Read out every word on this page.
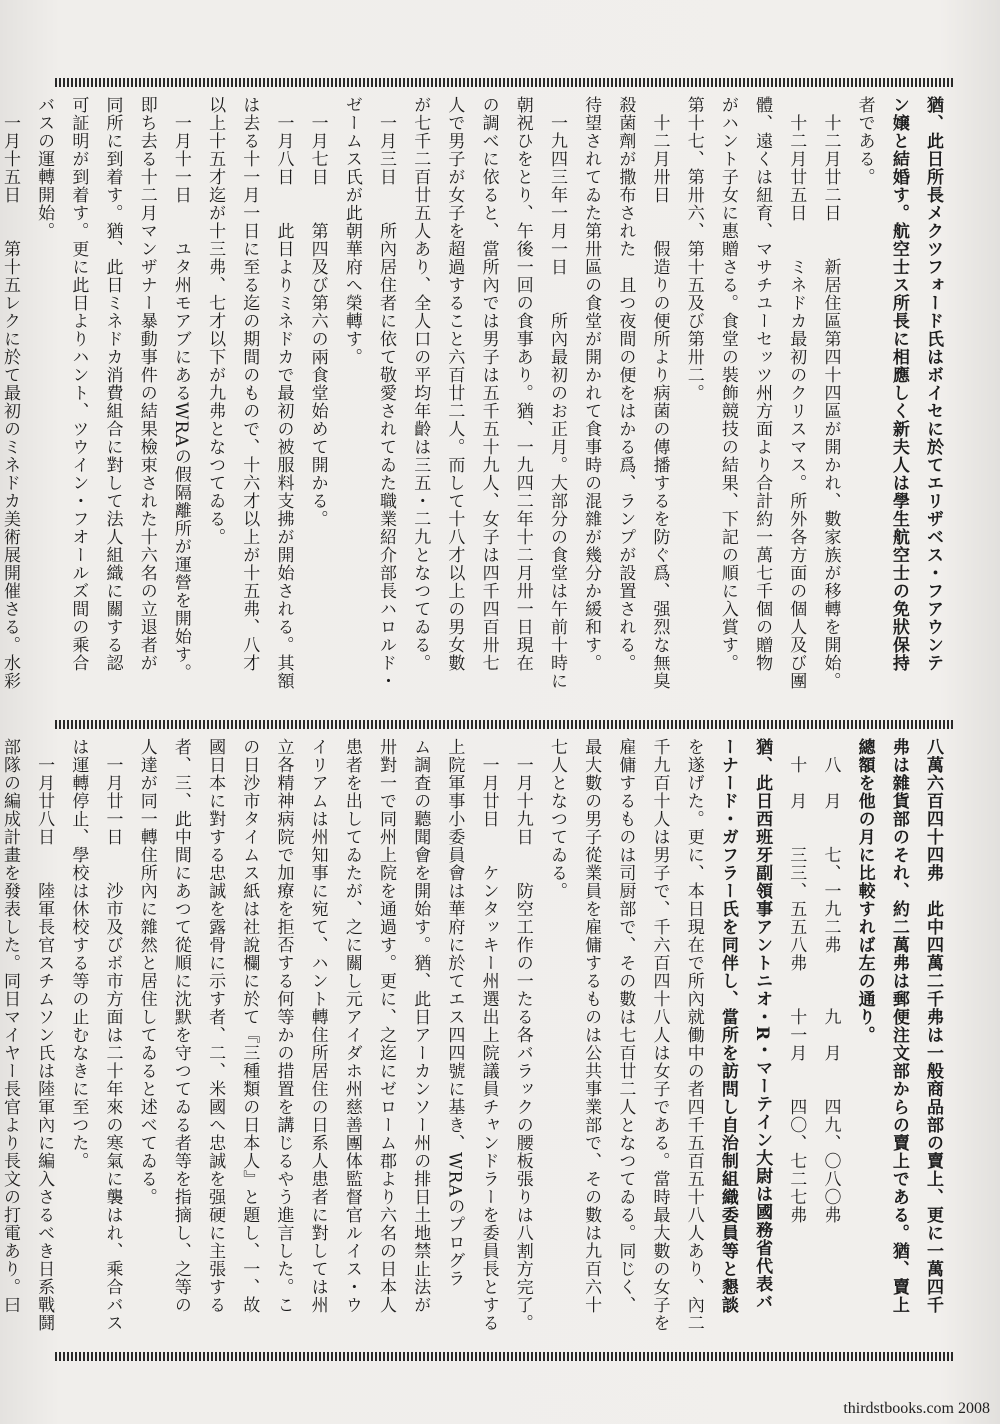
猶、此日所長メクツフォード氏はボイセに於てエリザベス・フアウンテ
ン嬢と結婚す。航空士ス所長に相應しく新夫人は學生航空士の免狀保持
者である。
　十二月廿二日　　新居住區第四十四區が開かれ、數家族が移轉を開始。
　十二月廿五日　　ミネドカ最初のクリスマス。所外各方面の個人及び團
體、遠くは紐育、マサチユーセッツ州方面より合計約一萬七千個の贈物
がハント子女に惠贈さる。食堂の裝飾競技の結果、下記の順に入賞す。
第十七、第卅六、第十五及び第卅二。
　十二月卅日　　假造りの便所より病菌の傳播するを防ぐ爲、强烈な無臭
殺菌劑が撒布された　且つ夜間の便をはかる爲、ランプが設置される。
待望されてゐた第卅區の食堂が開かれて食事時の混雜が幾分か緩和す。
　一九四三年一月一日　　所內最初のお正月。大部分の食堂は午前十時に
朝祝ひをとり、午後一回の食事あり。猶、一九四二年十二月卅一日現在
の調べに依ると、當所內では男子は五千五十九人、女子は四千四百卅七
人で男子が女子を超過すること六百廿二人。而して十八才以上の男女數
が七千二百廿五人あり、全人口の平均年齡は三五・二九となつてゐる。
　一月三日　　所內居住者に依て敬愛されてゐた職業紹介部長ハロルド・
ゼームス氏が此朝華府へ榮轉す。
　一月七日　　第四及び第六の兩食堂始めて開かる。
　一月八日　　此日よりミネドカで最初の被服料支拂が開始される。其額
は去る十一月一日に至る迄の期間のもので、十六才以上が十五弗、八才
以上十五才迄が十三弗、七才以下が九弗となつてゐる。
　一月十一日　　ユタ州モアブにあるWRAの假隔離所が運營を開始す。
即ち去る十二月マンザナー暴動事件の結果檢束された十六名の立退者が
同所に到着す。猶、此日ミネドカ消費組合に對して法人組織に關する認
可証明が到着す。更に此日よりハント、ツウイン・フオールズ間の乘合
バスの運轉開始。
　一月十五日　　第十五レクに於て最初のミネドカ美術展開催さる。水彩
八萬六百四十四弗　此中四萬二千弗は一般商品部の賣上、更に一萬四千
弗は雜貨部のそれ、約二萬弗は郵便注文部からの賣上である。猶、賣上
總額を他の月に比較すれば左の通り。
　八　月　　七、一九二弗　　　九　月　　四九、〇八〇弗
　十　月　　三三、五五八弗　　十一月　　四〇、七二七弗
猶、此日西班牙副領事アントニオ・R・マーテイン大尉は國務省代表バ
ーナード・ガフラー氏を同伴し、當所を訪問し自治制組織委員等と懇談
を遂げた。更に、本日現在で所內就働中の者四千五百五十八人あり、內二
千九百十人は男子で、千六百四十八人は女子である。當時最大數の女子を
雇傭するものは司厨部で、その數は七百廿二人となつてゐる。同じく、
最大數の男子從業員を雇傭するものは公共事業部で、その數は九百六十
七人となつてゐる。
　一月十九日　　防空工作の一たる各バラックの腰板張りは八割方完了。
　一月廿日　　ケンタッキー州選出上院議員チャンドラーを委員長とする
上院軍事小委員會は華府に於てエス四四號に基き、WRAのプログラ
ム調査の聽聞會を開始す。猶、此日アーカンソー州の排日土地禁止法が
卅對一で同州上院を通過す。更に、之迄にゼローム郡より六名の日本人
患者を出してゐたが、之に關し元アイダホ州慈善團体監督官ルイス・ウ
イリアムは州知事に宛て、ハント轉住所居住の日系人患者に對しては州
立各精神病院で加療を拒否する何等かの措置を講じるやう進言した。こ
の日沙市タイムス紙は社說欄に於て『三種類の日本人』と題し、一、故
國日本に對する忠誠を露骨に示す者、二、米國へ忠誠を强硬に主張する
者、三、此中間にあつて從順に沈默を守つてゐる者等を指摘し、之等の
人達が同一轉住所內に雜然と居住してゐると述べてゐる。
　一月廿一日　　沙市及びボ市方面は二十年來の寒氣に襲はれ、乘合バス
は運轉停止、學校は休校する等の止むなきに至つた。
　一月廿八日　　陸軍長官スチムソン氏は陸軍內に編入さるべき日系戰鬪
部隊の編成計畫を發表した。同日マイヤー長官より長文の打電あり。曰
thirdstbooks.com 2008
